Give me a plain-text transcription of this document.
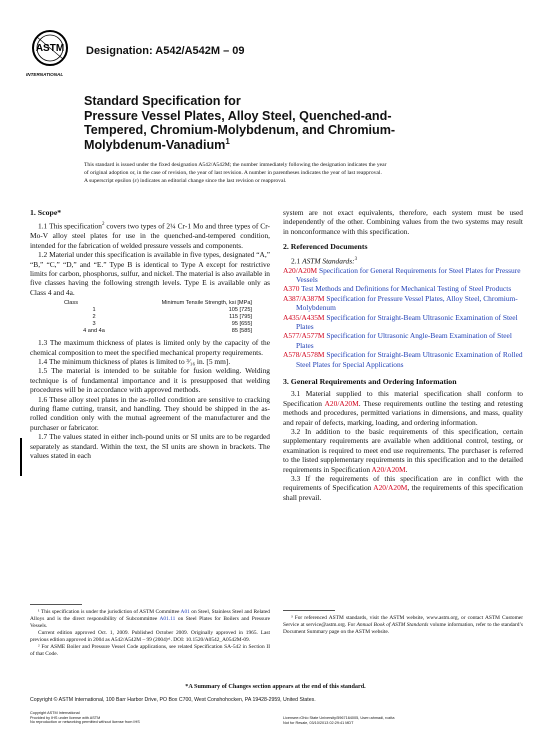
ASTM
INTERNATIONAL
Designation: A542/A542M – 09
Standard Specification for
Pressure Vessel Plates, Alloy Steel, Quenched-and-
Tempered, Chromium-Molybdenum, and Chromium-
Molybdenum-Vanadium$^1$
This standard is issued under the fixed designation A542/A542M; the number immediately following the designation indicates the year
of original adoption or, in the case of revision, the year of last revision. A number in parentheses indicates the year of last reapproval.
A superscript epsilon (ε) indicates an editorial change since the last revision or reapproval.

1. Scope*

1.1 This specification$^2$ covers two types of 2¼ Cr-1 Mo and three types of Cr-Mo-V alloy steel plates for use in the quenched-and-tempered condition, intended for the fabrication of welded pressure vessels and components.

1.2 Material under this specification is available in five types, designated “A,” “B,” “C,” “D,” and “E.” Type B is identical to Type A except for restrictive limits for carbon, phosphorus, sulfur, and nickel. The material is also available in five classes having the following strength levels. Type E is available only as Class 4 and 4a.

Class	Minimum Tensile Strength, ksi [MPa]
1	105 [725]
2	115 [795]
3	95 [655]
4 and 4a	85 [585]

1.3 The maximum thickness of plates is limited only by the capacity of the chemical composition to meet the specified mechanical property requirements.

1.4 The minimum thickness of plates is limited to ³⁄₁₆ in. [5 mm].

1.5 The material is intended to be suitable for fusion welding. Welding technique is of fundamental importance and it is presupposed that welding procedures will be in accordance with approved methods.

1.6 These alloy steel plates in the as-rolled condition are sensitive to cracking during flame cutting, transit, and handling. They should be shipped in the as-rolled condition only with the mutual agreement of the manufacturer and the purchaser or fabricator.

1.7 The values stated in either inch-pound units or SI units are to be regarded separately as standard. Within the text, the SI units are shown in brackets. The values stated in each

¹ This specification is under the jurisdiction of ASTM Committee A01 on Steel, Stainless Steel and Related Alloys and is the direct responsibility of Subcommittee A01.11 on Steel Plates for Boilers and Pressure Vessels.

Current edition approved Oct. 1, 2009. Published October 2009. Originally approved in 1965. Last previous edition approved in 2004 as A542/A542M – 99 (2004)ᵉ¹. DOI: 10.1520/A0542_A0542M-09.

² For ASME Boiler and Pressure Vessel Code applications, see related Specification SA-542 in Section II of that Code.

system are not exact equivalents, therefore, each system must be used independently of the other. Combining values from the two systems may result in nonconformance with this specification.

2. Referenced Documents

2.1 ASTM Standards:$^3$

A20/A20M Specification for General Requirements for Steel Plates for Pressure Vessels

A370 Test Methods and Definitions for Mechanical Testing of Steel Products

A387/A387M Specification for Pressure Vessel Plates, Alloy Steel, Chromium-Molybdenum

A435/A435M Specification for Straight-Beam Ultrasonic Examination of Steel Plates

A577/A577M Specification for Ultrasonic Angle-Beam Examination of Steel Plates

A578/A578M Specification for Straight-Beam Ultrasonic Examination of Rolled Steel Plates for Special Applications

3. General Requirements and Ordering Information

3.1 Material supplied to this material specification shall conform to Specification A20/A20M. These requirements outline the testing and retesting methods and procedures, permitted variations in dimensions, and mass, quality and repair of defects, marking, loading, and ordering information.

3.2 In addition to the basic requirements of this specification, certain supplementary requirements are available when additional control, testing, or examination is required to meet end use requirements. The purchaser is referred to the listed supplementary requirements in this specification and to the detailed requirements in Specification A20/A20M.

3.3 If the requirements of this specification are in conflict with the requirements of Specification A20/A20M, the requirements of this specification shall prevail.

³ For referenced ASTM standards, visit the ASTM website, www.astm.org, or contact ASTM Customer Service at service@astm.org. For Annual Book of ASTM Standards volume information, refer to the standard’s Document Summary page on the ASTM website.

*A Summary of Changes section appears at the end of this standard.
Copyright © ASTM International, 100 Barr Harbor Drive, PO Box C700, West Conshohocken, PA 19428-2959, United States.
Copyright ASTM International
Provided by IHS under license with ASTM
No reproduction or networking permitted without license from IHS
Licensee=Ohio State University/5967164005, User=ahmadi, rozita
Not for Resale, 03/10/2013 02:29:41 MDT
